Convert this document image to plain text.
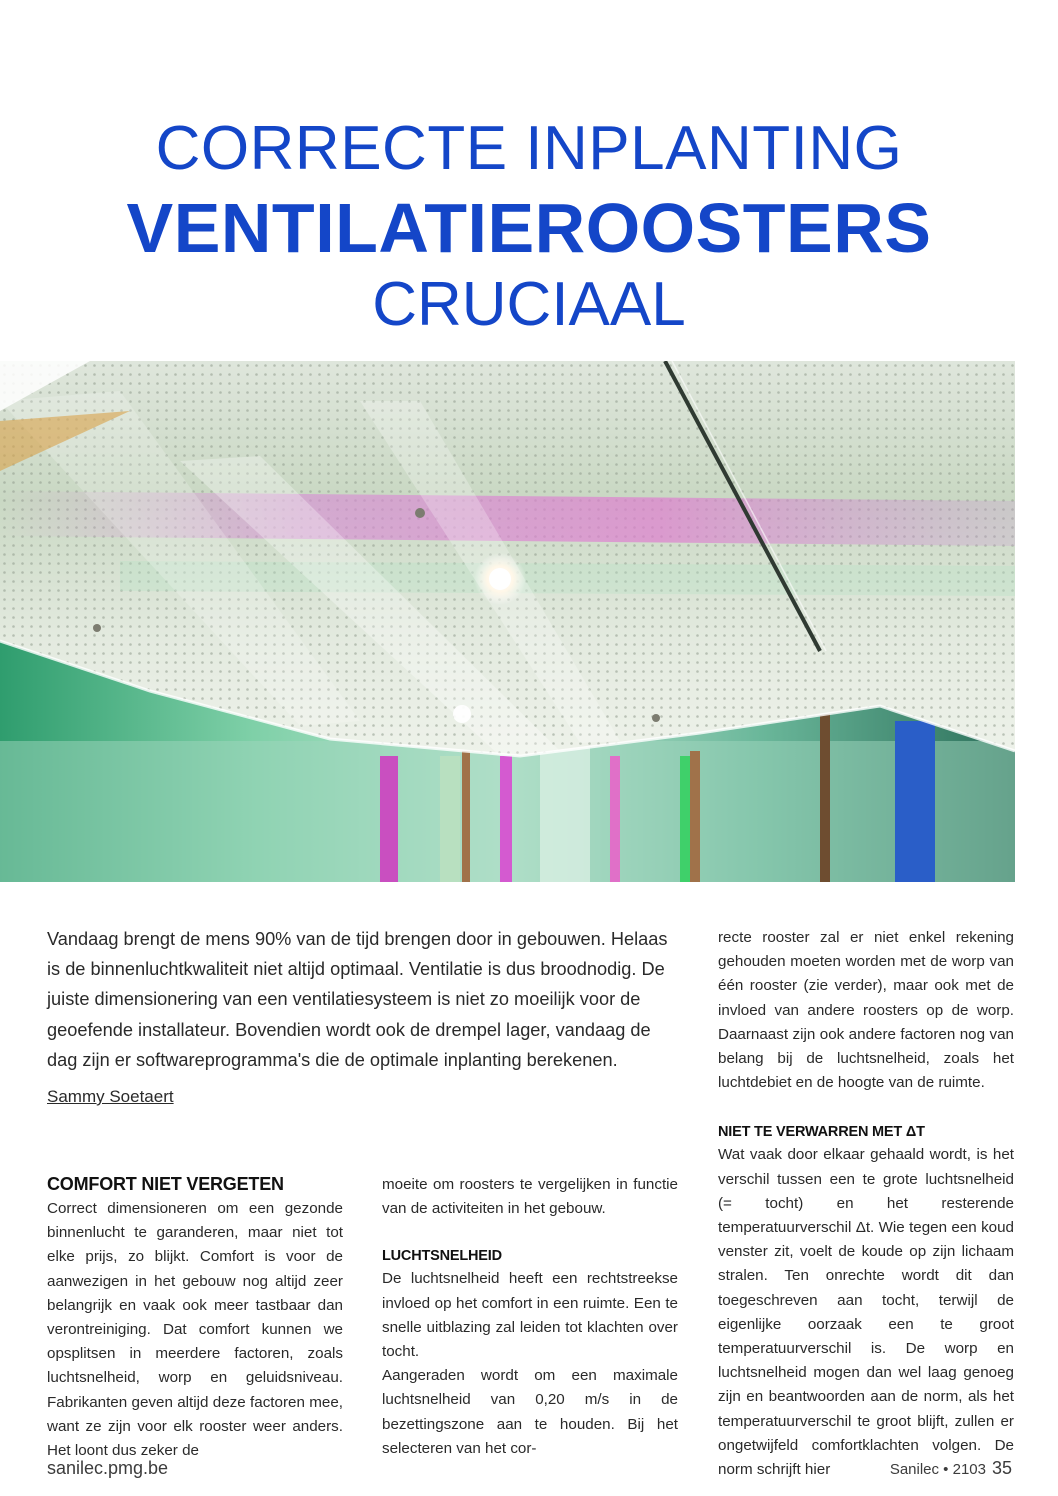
CORRECTE INPLANTING
VENTILATIEROOSTERS
CRUCIAAL
Vandaag brengt de mens 90% van de tijd brengen door in gebouwen. Helaas is de binnenluchtkwaliteit niet altijd optimaal. Ventilatie is dus broodnodig. De juiste dimensionering van een ventilatiesysteem is niet zo moeilijk voor de geoefende installateur. Bovendien wordt ook de drempel lager, vandaag de dag zijn er softwareprogramma's die de optimale inplanting berekenen.
Sammy Soetaert

COMFORT NIET VERGETEN

Correct dimensioneren om een gezonde binnenlucht te garanderen, maar niet tot elke prijs, zo blijkt. Comfort is voor de aanwezigen in het gebouw nog altijd zeer belangrijk en vaak ook meer tastbaar dan verontreiniging. Dat comfort kunnen we opsplitsen in meerdere factoren, zoals luchtsnelheid, worp en geluidsniveau. Fabrikanten geven altijd deze factoren mee, want ze zijn voor elk rooster weer anders. Het loont dus zeker de

moeite om roosters te vergelijken in functie van de activiteiten in het gebouw.

LUCHTSNELHEID

De luchtsnelheid heeft een rechtstreekse invloed op het comfort in een ruimte. Een te snelle uitblazing zal leiden tot klachten over tocht.

Aangeraden wordt om een maximale luchtsnelheid van 0,20 m/s in de bezettingszone aan te houden. Bij het selecteren van het cor-

recte rooster zal er niet enkel rekening gehouden moeten worden met de worp van één rooster (zie verder), maar ook met de invloed van andere roosters op de worp. Daarnaast zijn ook andere factoren nog van belang bij de luchtsnelheid, zoals het luchtdebiet en de hoogte van de ruimte.

NIET TE VERWARREN MET ΔT

Wat vaak door elkaar gehaald wordt, is het verschil tussen een te grote luchtsnelheid (= tocht) en het resterende temperatuurverschil Δt. Wie tegen een koud venster zit, voelt de koude op zijn lichaam stralen. Ten onrechte wordt dit dan toegeschreven aan tocht, terwijl de eigenlijke oorzaak een te groot temperatuurverschil is. De worp en luchtsnelheid mogen dan wel laag genoeg zijn en beantwoorden aan de norm, als het temperatuurverschil te groot blijft, zullen er ongetwijfeld comfortklachten volgen. De norm schrijft hier

sanilec.pmg.be	Sanilec • 2103 35
